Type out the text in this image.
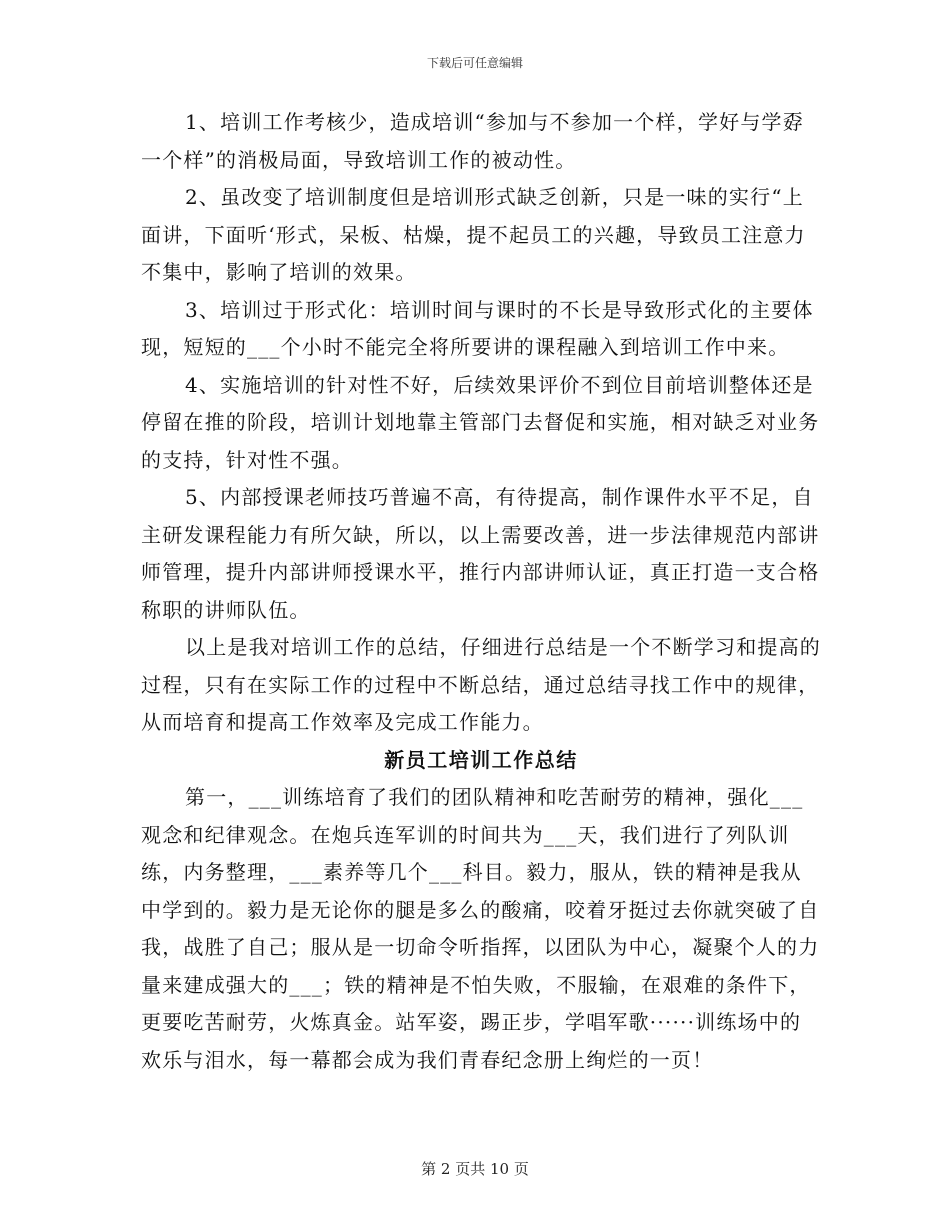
下载后可任意编辑

1、培训工作考核少，造成培训“参加与不参加一个样，学好与学孬一个样”的消极局面，导致培训工作的被动性。

2、虽改变了培训制度但是培训形式缺乏创新，只是一味的实行“上面讲，下面听‘形式，呆板、枯燥，提不起员工的兴趣，导致员工注意力不集中，影响了培训的效果。

3、培训过于形式化：培训时间与课时的不长是导致形式化的主要体现，短短的___个小时不能完全将所要讲的课程融入到培训工作中来。

4、实施培训的针对性不好，后续效果评价不到位目前培训整体还是停留在推的阶段，培训计划地靠主管部门去督促和实施，相对缺乏对业务的支持，针对性不强。

5、内部授课老师技巧普遍不高，有待提高，制作课件水平不足，自主研发课程能力有所欠缺，所以，以上需要改善，进一步法律规范内部讲师管理，提升内部讲师授课水平，推行内部讲师认证，真正打造一支合格称职的讲师队伍。

以上是我对培训工作的总结，仔细进行总结是一个不断学习和提高的过程，只有在实际工作的过程中不断总结，通过总结寻找工作中的规律，从而培育和提高工作效率及完成工作能力。

新员工培训工作总结

第一，___训练培育了我们的团队精神和吃苦耐劳的精神，强化___观念和纪律观念。在炮兵连军训的时间共为___天，我们进行了列队训练，内务整理，___素养等几个___科目。毅力，服从，铁的精神是我从中学到的。毅力是无论你的腿是多么的酸痛，咬着牙挺过去你就突破了自我，战胜了自己；服从是一切命令听指挥，以团队为中心，凝聚个人的力量来建成强大的___；铁的精神是不怕失败，不服输，在艰难的条件下，更要吃苦耐劳，火炼真金。站军姿，踢正步，学唱军歌······训练场中的欢乐与泪水，每一幕都会成为我们青春纪念册上绚烂的一页！

第 2 页共 10 页
